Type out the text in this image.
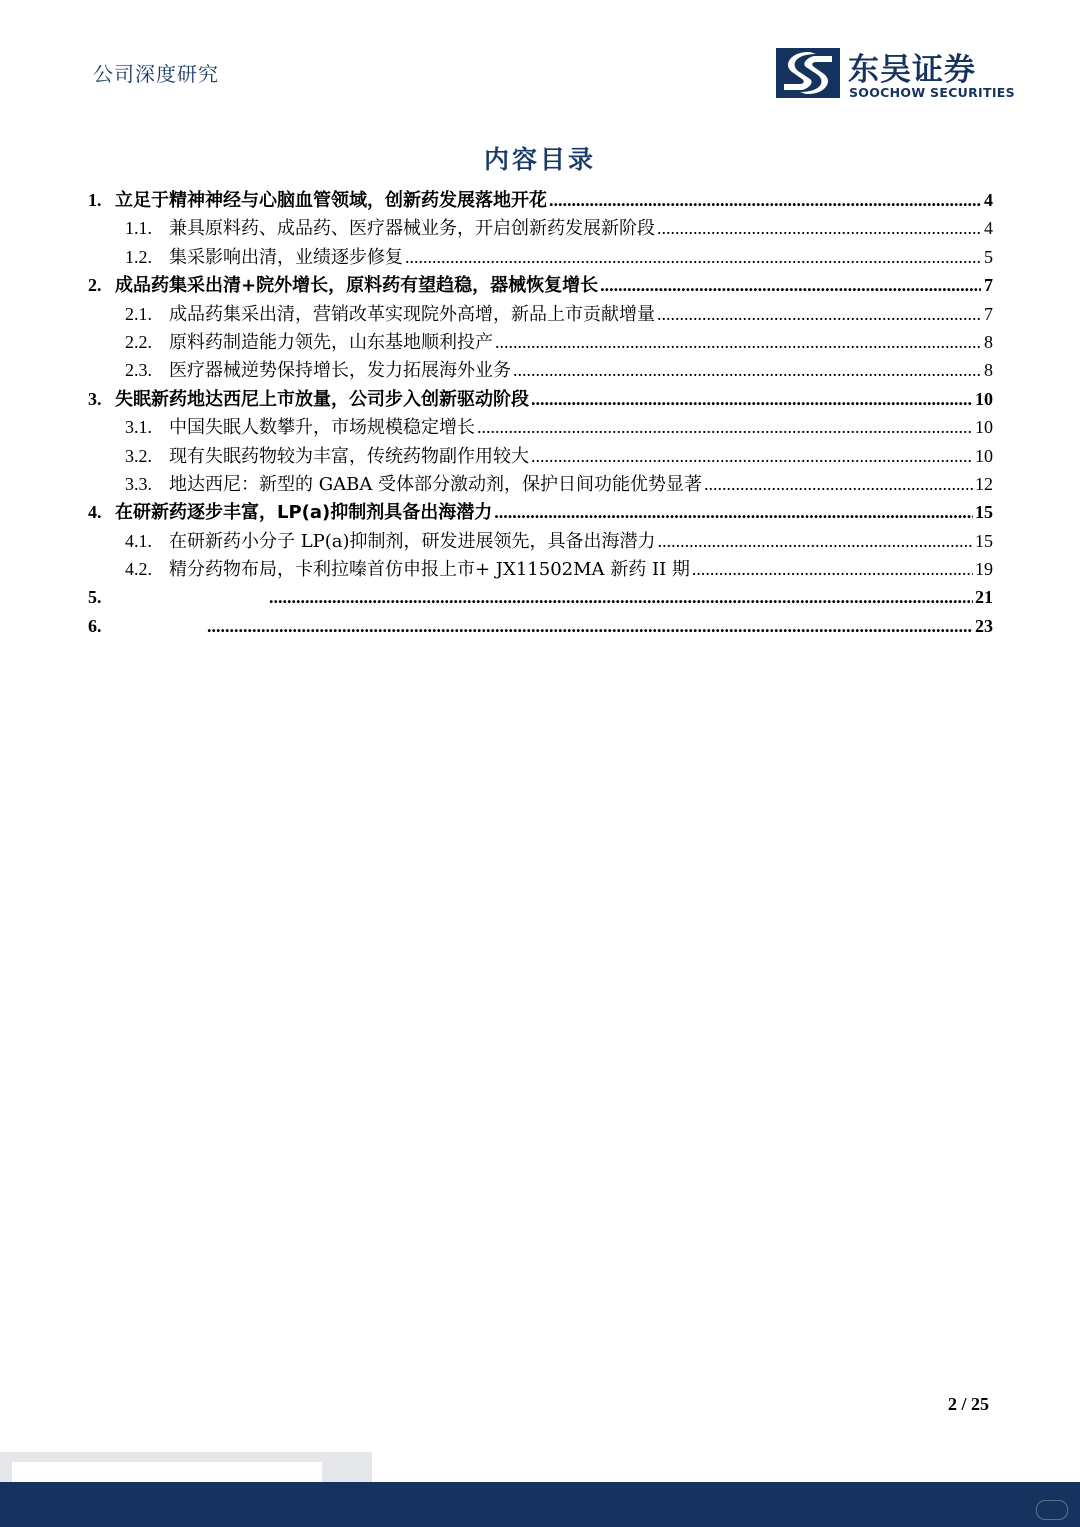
公司深度研究	东吴证券
SOOCHOW SECURITIES
内容目录
1. 立足于精神神经与心脑血管领域，创新药发展落地开花 .....	4
1.1. 兼具原料药、成品药、医疗器械业务，开启创新药发展新阶段 .....	4
1.2. 集采影响出清，业绩逐步修复 .....	5
2. 成品药集采出清+院外增长，原料药有望趋稳，器械恢复增长 .....	7
2.1. 成品药集采出清，营销改革实现院外高增，新品上市贡献增量 .....	7
2.2. 原料药制造能力领先，山东基地顺利投产 .....	8
2.3. 医疗器械逆势保持增长，发力拓展海外业务 .....	8
3. 失眠新药地达西尼上市放量，公司步入创新驱动阶段 .....	10
3.1. 中国失眠人数攀升，市场规模稳定增长 .....	10
3.2. 现有失眠药物较为丰富，传统药物副作用较大 .....	10
3.3. 地达西尼：新型的 GABA 受体部分激动剂，保护日间功能优势显著 .....	12
4. 在研新药逐步丰富，LP(a)抑制剂具备出海潜力 .....	15
4.1. 在研新药小分子 LP(a)抑制剂，研发进展领先，具备出海潜力 .....	15
4.2. 精分药物布局，卡利拉嗪首仿申报上市+ JX11502MA 新药 II 期 .....	19
5. .....	21
6. .....	23
2 / 25
